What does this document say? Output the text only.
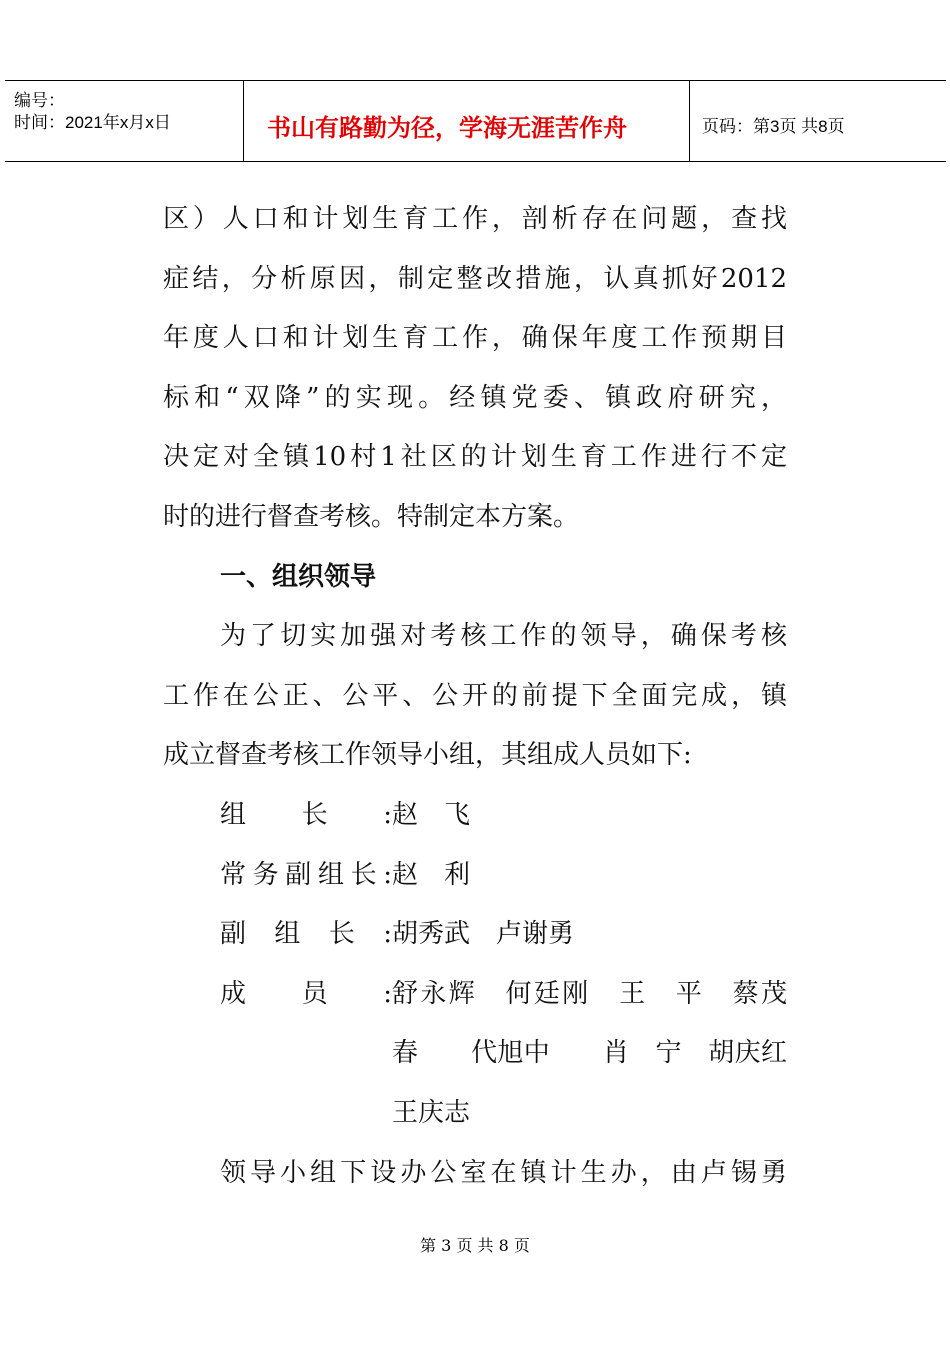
编号：
时间：2021年x月x日	书山有路勤为径，学海无涯苦作舟	页码：第3页 共8页
区）人口和计划生育工作，剖析存在问题，查找
症结，分析原因，制定整改措施，认真抓好2012
年度人口和计划生育工作，确保年度工作预期目
标和“双降”的实现。经镇党委、镇政府研究，
决定对全镇10村1社区的计划生育工作进行不定
时的进行督查考核。特制定本方案。
一、组织领导
为了切实加强对考核工作的领导，确保考核
工作在公正、公平、公开的前提下全面完成，镇
成立督查考核工作领导小组，其组成人员如下:
组长: 赵　飞
常务副组长: 赵　利
副组长: 胡秀武　卢谢勇
成员: 舒永辉　何廷刚　王　平　蔡茂
春　　代旭中　　肖　宁　胡庆红
王庆志
领导小组下设办公室在镇计生办，由卢锡勇
第 3 页 共 8 页
